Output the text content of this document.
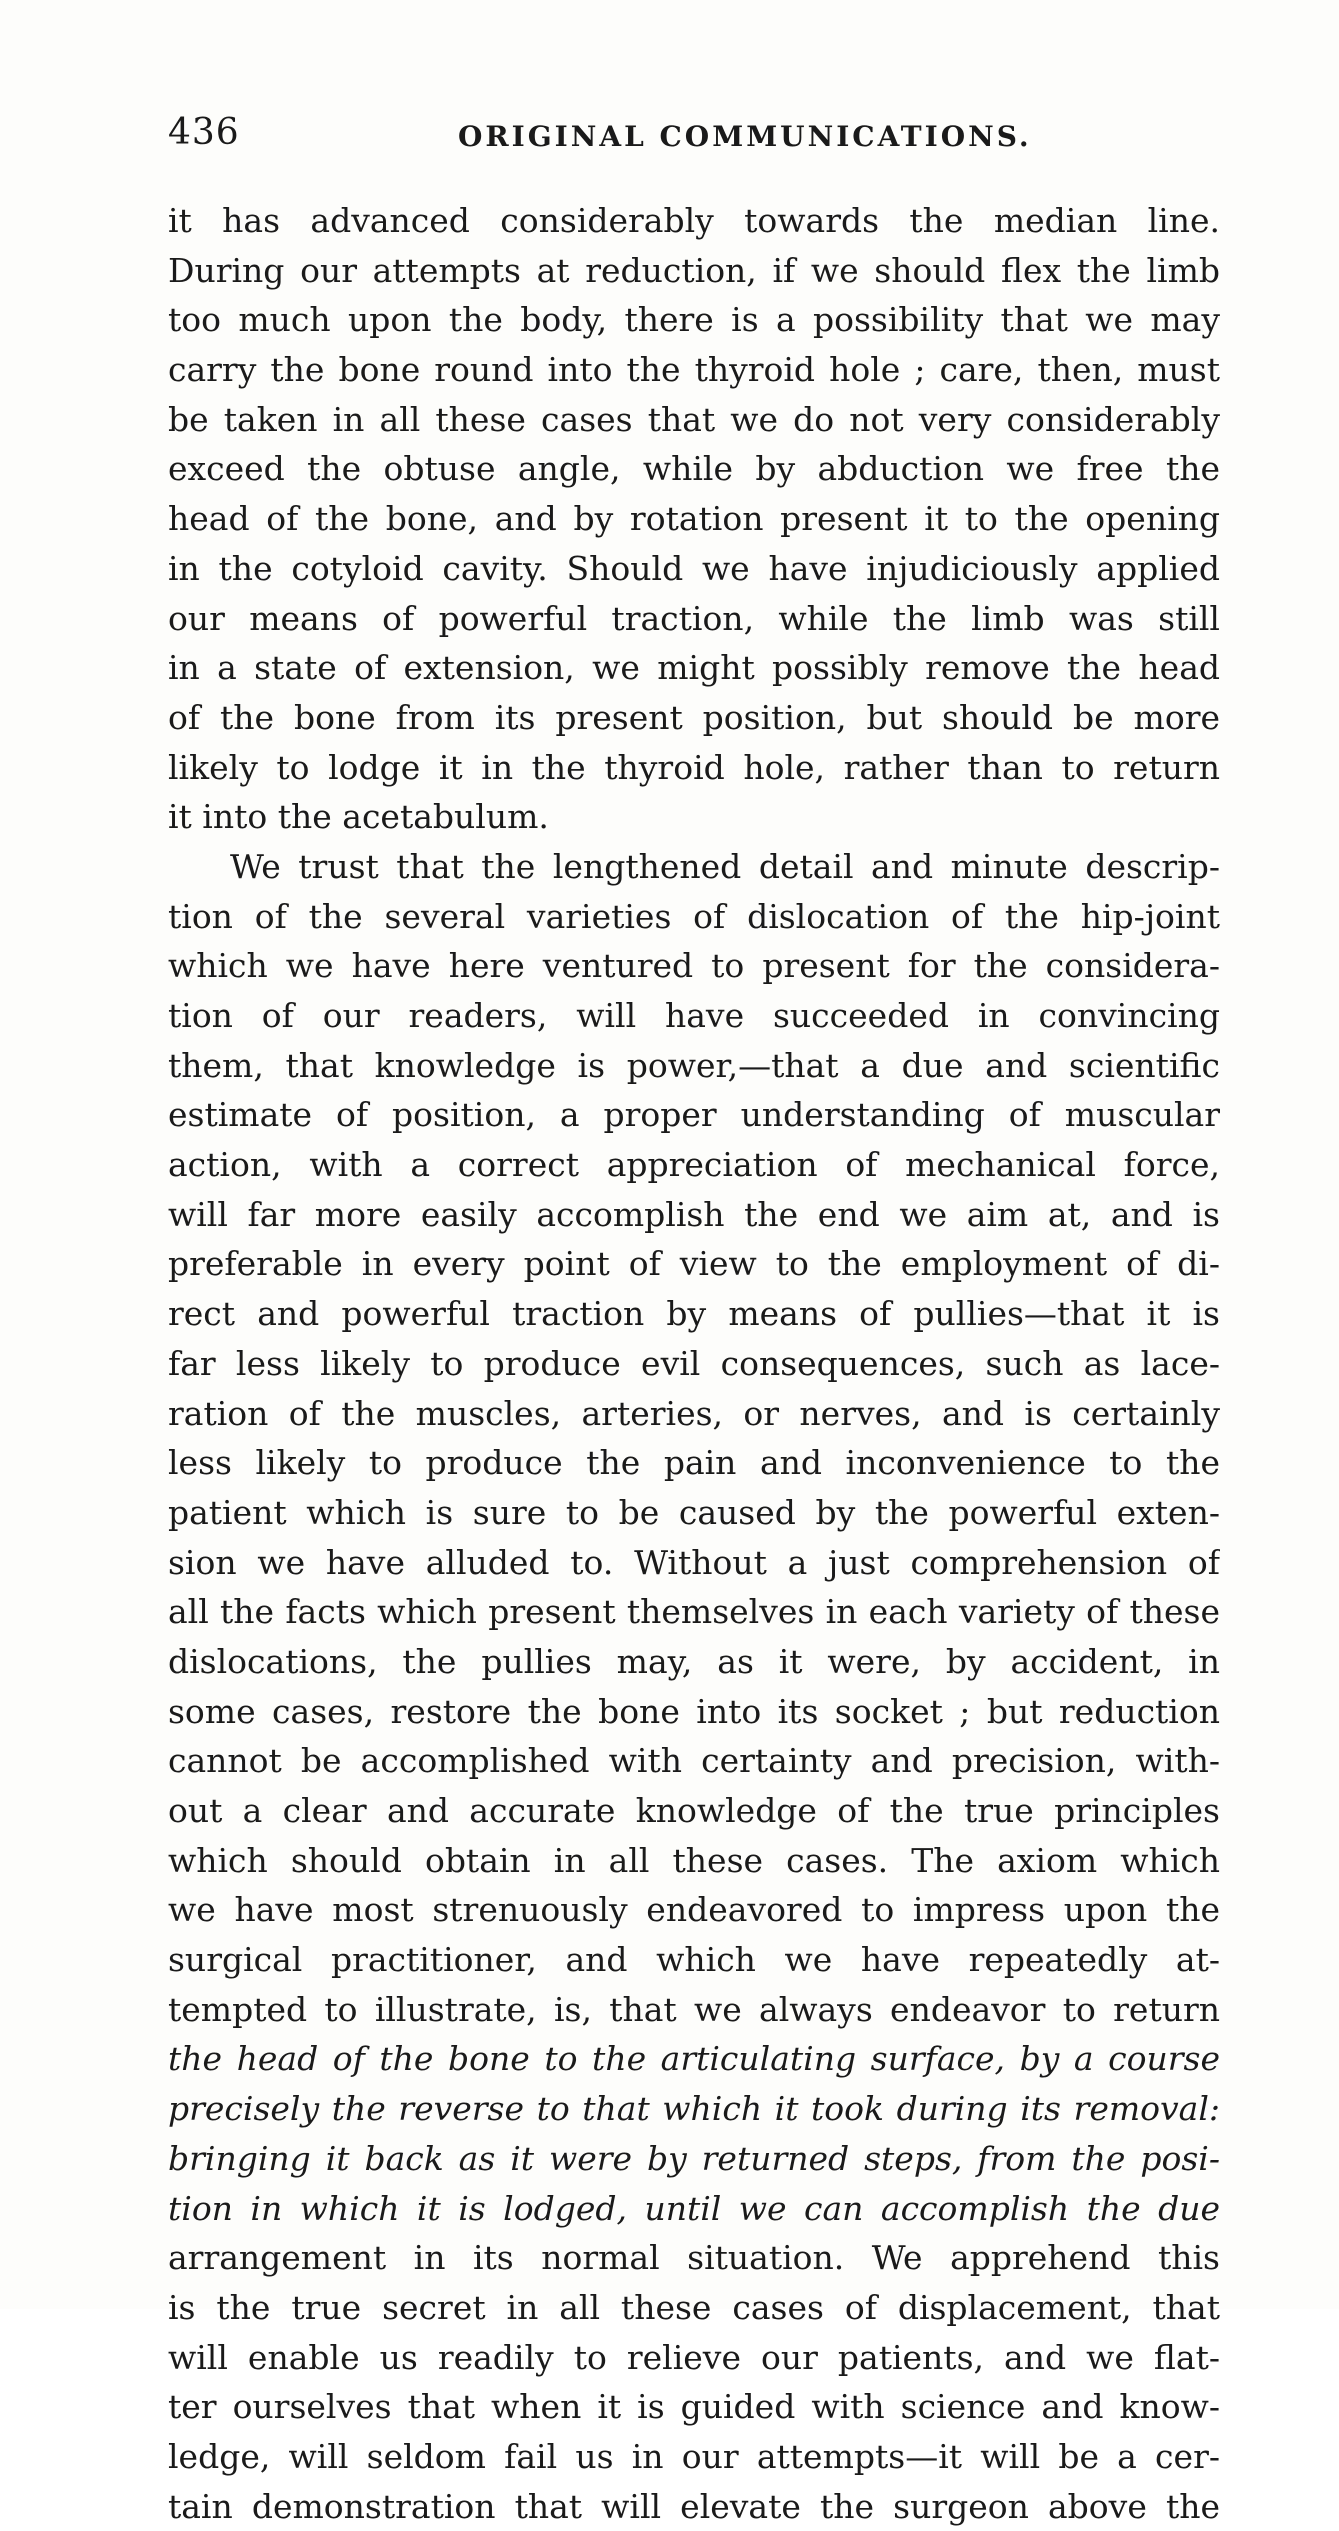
436	ORIGINAL COMMUNICATIONS.
it has advanced considerably towards the median line.
During our attempts at reduction, if we should flex the limb
too much upon the body, there is a possibility that we may
carry the bone round into the thyroid hole ; care, then, must
be taken in all these cases that we do not very considerably
exceed the obtuse angle, while by abduction we free the
head of the bone, and by rotation present it to the opening
in the cotyloid cavity. Should we have injudiciously applied
our means of powerful traction, while the limb was still
in a state of extension, we might possibly remove the head
of the bone from its present position, but should be more
likely to lodge it in the thyroid hole, rather than to return
it into the acetabulum.
We trust that the lengthened detail and minute descrip-
tion of the several varieties of dislocation of the hip-joint
which we have here ventured to present for the considera-
tion of our readers, will have succeeded in convincing
them, that knowledge is power,—that a due and scientific
estimate of position, a proper understanding of muscular
action, with a correct appreciation of mechanical force,
will far more easily accomplish the end we aim at, and is
preferable in every point of view to the employment of di-
rect and powerful traction by means of pullies—that it is
far less likely to produce evil consequences, such as lace-
ration of the muscles, arteries, or nerves, and is certainly
less likely to produce the pain and inconvenience to the
patient which is sure to be caused by the powerful exten-
sion we have alluded to. Without a just comprehension of
all the facts which present themselves in each variety of these
dislocations, the pullies may, as it were, by accident, in
some cases, restore the bone into its socket ; but reduction
cannot be accomplished with certainty and precision, with-
out a clear and accurate knowledge of the true principles
which should obtain in all these cases. The axiom which
we have most strenuously endeavored to impress upon the
surgical practitioner, and which we have repeatedly at-
tempted to illustrate, is, that we always endeavor to return
the head of the bone to the articulating surface, by a course
precisely the reverse to that which it took during its removal:
bringing it back as it were by returned steps, from the posi-
tion in which it is lodged, until we can accomplish the due
arrangement in its normal situation. We apprehend this
is the true secret in all these cases of displacement, that
will enable us readily to relieve our patients, and we flat-
ter ourselves that when it is guided with science and know-
ledge, will seldom fail us in our attempts—it will be a cer-
tain demonstration that will elevate the surgeon above the
